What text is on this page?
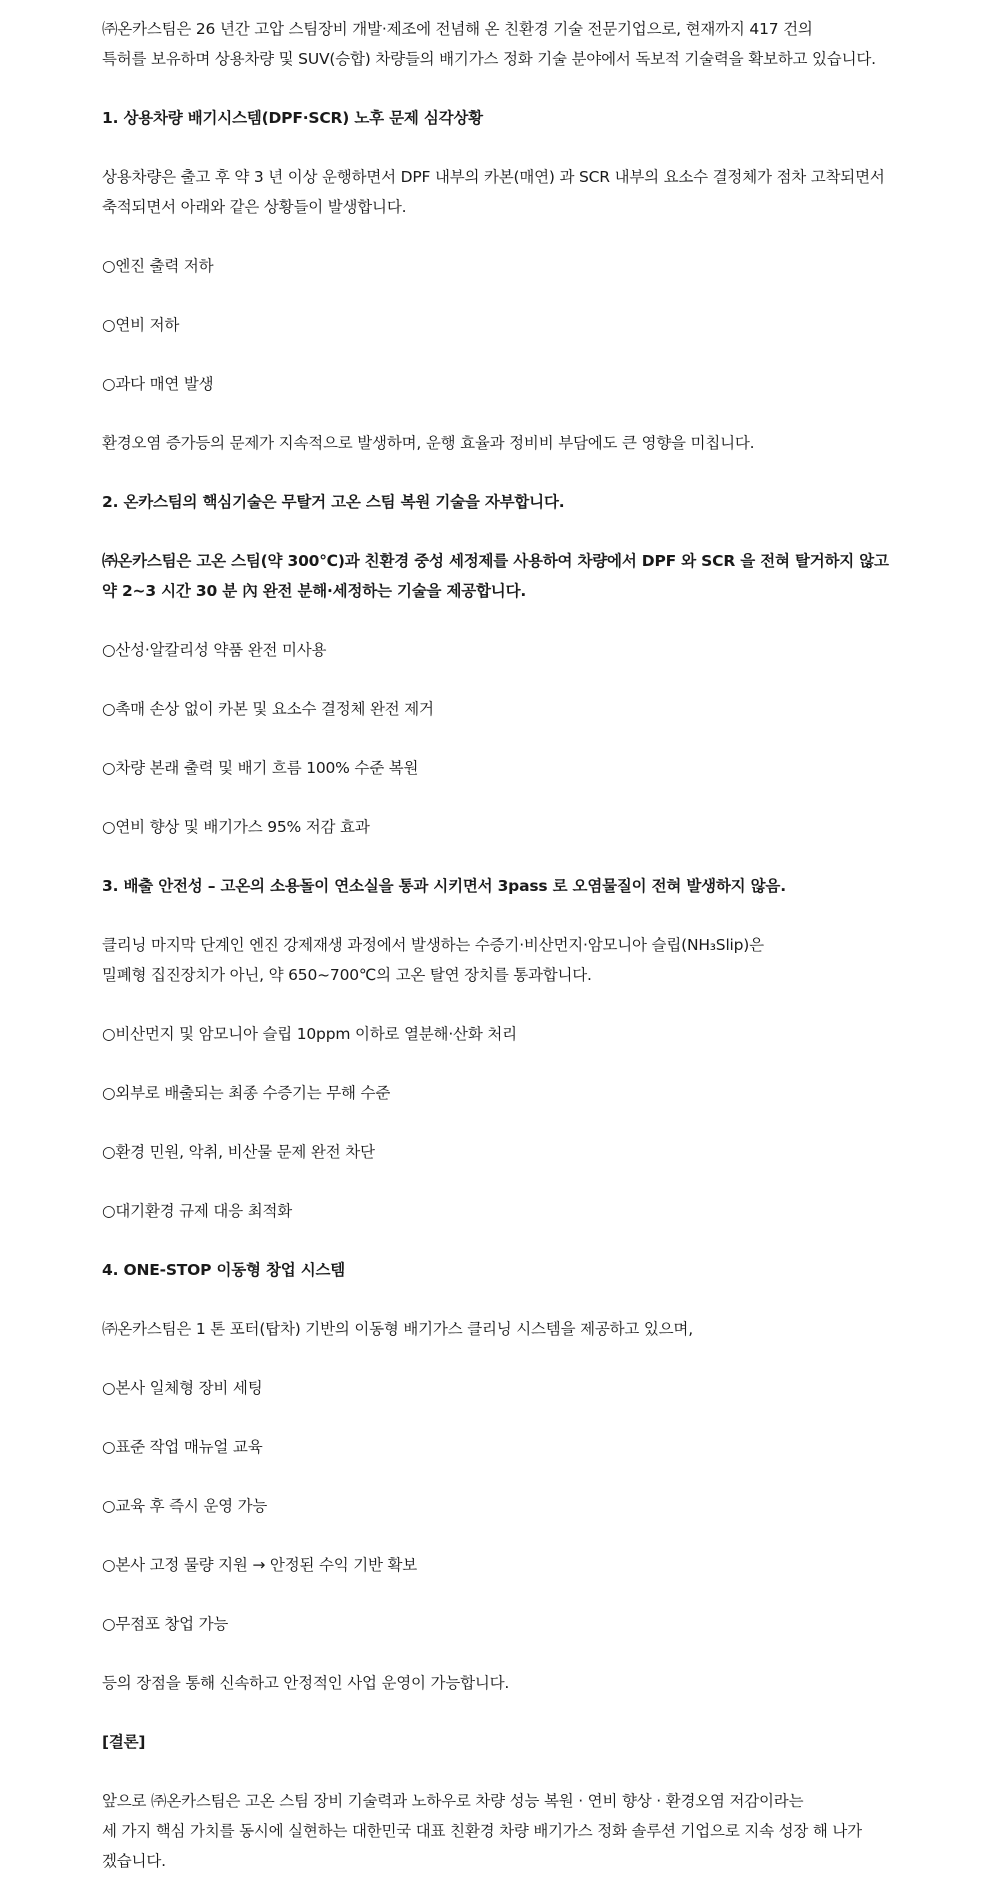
㈜온카스팀은 26 년간 고압 스팀장비 개발·제조에 전념해 온 친환경 기술 전문기업으로, 현재까지 417 건의
특허를 보유하며 상용차량 및 SUV(승합) 차량들의 배기가스 정화 기술 분야에서 독보적 기술력을 확보하고 있습니다.
1. 상용차량 배기시스템(DPF·SCR) 노후 문제 심각상황
상용차량은 출고 후 약 3 년 이상 운행하면서 DPF 내부의 카본(매연) 과 SCR 내부의 요소수 결정체가 점차 고착되면서
축적되면서 아래와 같은 상황들이 발생합니다.
○엔진 출력 저하
○연비 저하
○과다 매연 발생
환경오염 증가등의 문제가 지속적으로 발생하며, 운행 효율과 정비비 부담에도 큰 영향을 미칩니다.
2. 온카스팀의 핵심기술은 무탈거 고온 스팀 복원 기술을 자부합니다.
㈜온카스팀은 고온 스팀(약 300℃)과 친환경 중성 세정제를 사용하여 차량에서 DPF 와 SCR 을 전혀 탈거하지 않고
약 2~3 시간 30 분 內 완전 분해·세정하는 기술을 제공합니다.
○산성·알칼리성 약품 완전 미사용
○촉매 손상 없이 카본 및 요소수 결정체 완전 제거
○차량 본래 출력 및 배기 흐름 100% 수준 복원
○연비 향상 및 배기가스 95% 저감 효과
3. 배출 안전성 – 고온의 소용돌이 연소실을 통과 시키면서 3pass 로 오염물질이 전혀 발생하지 않음.
클리닝 마지막 단계인 엔진 강제재생 과정에서 발생하는 수증기·비산먼지·암모니아 슬립(NH₃Slip)은
밀폐형 집진장치가 아닌, 약 650~700℃의 고온 탈연 장치를 통과합니다.
○비산먼지 및 암모니아 슬립 10ppm 이하로 열분해·산화 처리
○외부로 배출되는 최종 수증기는 무해 수준
○환경 민원, 악취, 비산물 문제 완전 차단
○대기환경 규제 대응 최적화
4. ONE-STOP 이동형 창업 시스템
㈜온카스팀은 1 톤 포터(탑차) 기반의 이동형 배기가스 클리닝 시스템을 제공하고 있으며,
○본사 일체형 장비 세팅
○표준 작업 매뉴얼 교육
○교육 후 즉시 운영 가능
○본사 고정 물량 지원 → 안정된 수익 기반 확보
○무점포 창업 가능
등의 장점을 통해 신속하고 안정적인 사업 운영이 가능합니다.
[결론]
앞으로 ㈜온카스팀은 고온 스팀 장비 기술력과 노하우로 차량 성능 복원 · 연비 향상 · 환경오염 저감이라는
세 가지 핵심 가치를 동시에 실현하는 대한민국 대표 친환경 차량 배기가스 정화 솔루션 기업으로 지속 성장 해 나가
겠습니다.
